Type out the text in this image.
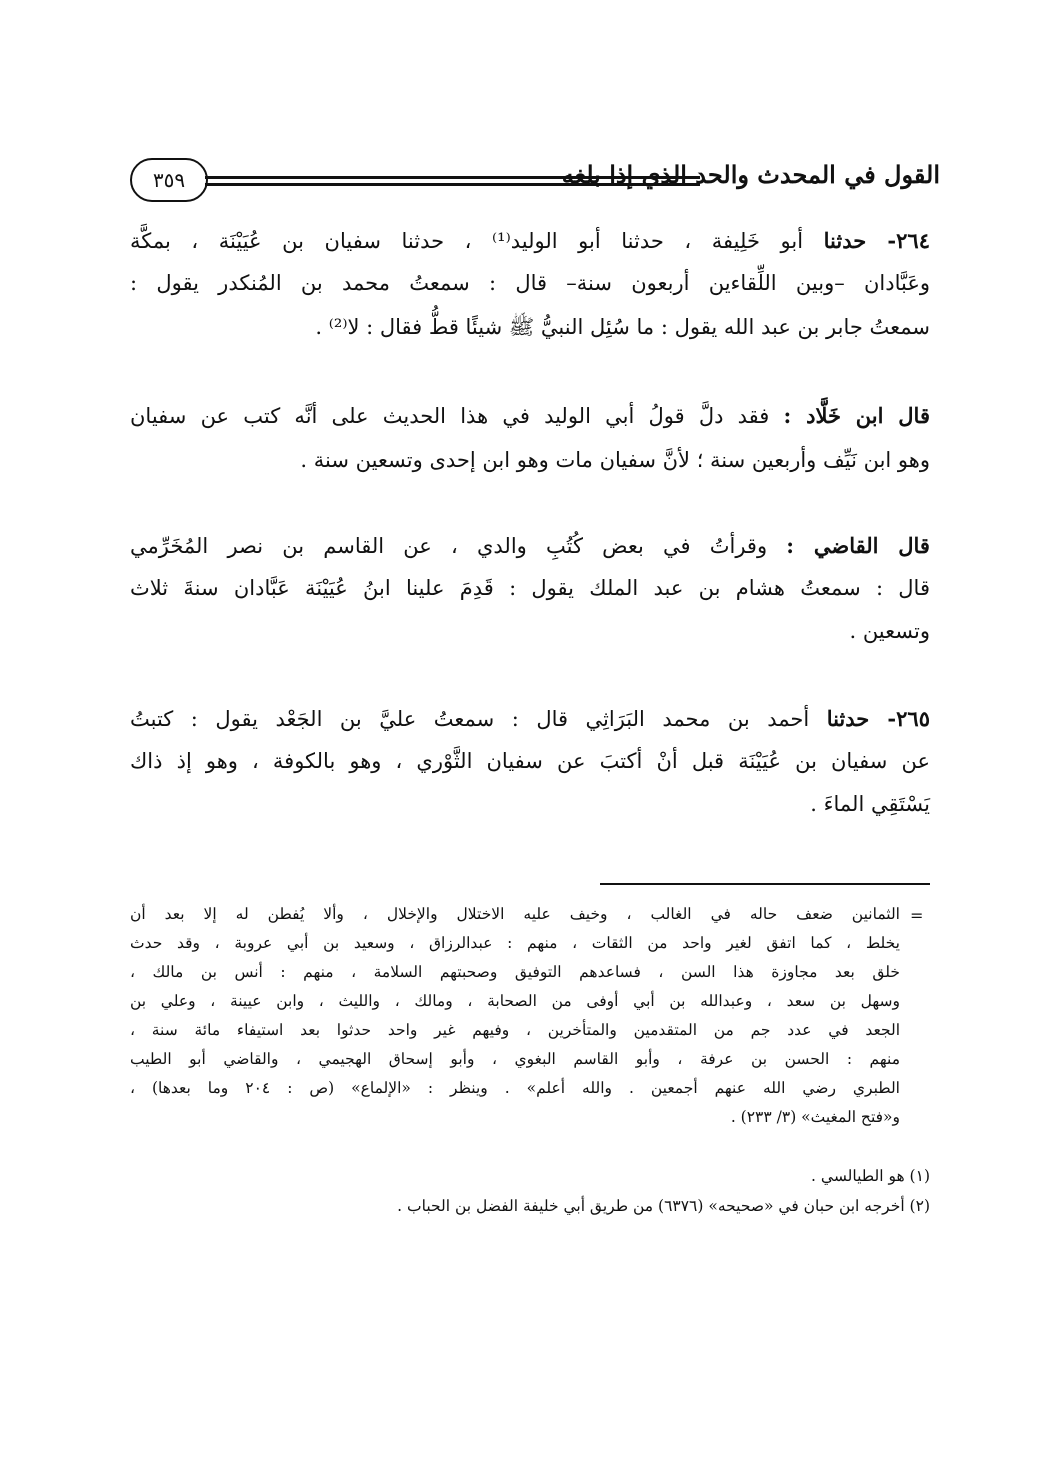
القول في المحدث والحد الذي إذا بلغه
٣٥٩
٢٦٤- حدثنا أبو خَلِيفة ، حدثنا أبو الوليد⁽¹⁾ ، حدثنا سفيان بن عُيَيْنَة ، بمكَّة
وعَبَّادان –وبين اللِّقاءين أربعون سنة– قال : سمعتُ محمد بن المُنكدر يقول :
سمعتُ جابر بن عبد الله يقول : ما سُئِل النبيُّ ﷺ شيئًا قطُّ فقال : لا⁽²⁾ .
قال ابن خَلَّاد : فقد دلَّ قولُ أبي الوليد في هذا الحديث على أنَّه كتب عن سفيان
وهو ابن نَيِّف وأربعين سنة ؛ لأنَّ سفيان مات وهو ابن إحدى وتسعين سنة .
قال القاضي : وقرأتُ في بعض كُتُبِ والدي ، عن القاسم بن نصر المُخَرِّمي
قال : سمعتُ هشام بن عبد الملك يقول : قَدِمَ علينا ابنُ عُيَيْنَة عَبَّادان سنةَ ثلاث
وتسعين .
٢٦٥- حدثنا أحمد بن محمد البَرَاثِي قال : سمعتُ عليَّ بن الجَعْد يقول : كتبتُ
عن سفيان بن عُيَيْنَة قبل أنْ أكتبَ عن سفيان الثَّوْري ، وهو بالكوفة ، وهو إذ ذاك
يَسْتَقِي الماءَ .
=
الثمانين ضعف حاله في الغالب ، وخيف عليه الاختلال والإخلال ، وألا يُفطن له إلا بعد أن
يخلط ، كما اتفق لغير واحد من الثقات ، منهم : عبدالرزاق ، وسعيد بن أبي عروبة ، وقد حدث
خلق بعد مجاوزة هذا السن ، فساعدهم التوفيق وصحبتهم السلامة ، منهم : أنس بن مالك ،
وسهل بن سعد ، وعبدالله بن أبي أوفى من الصحابة ، ومالك ، والليث ، وابن عيينة ، وعلي بن
الجعد في عدد جم من المتقدمين والمتأخرين ، وفيهم غير واحد حدثوا بعد استيفاء مائة سنة ،
منهم : الحسن بن عرفة ، وأبو القاسم البغوي ، وأبو إسحاق الهجيمي ، والقاضي أبو الطيب
الطبري رضي الله عنهم أجمعين . والله أعلم» . وينظر : «الإلماع» (ص : ٢٠٤ وما بعدها) ،
و«فتح المغيث» (٣/ ٢٣٣) .
(١) هو الطيالسي .
(٢) أخرجه ابن حبان في «صحيحه» (٦٣٧٦) من طريق أبي خليفة الفضل بن الحباب .
